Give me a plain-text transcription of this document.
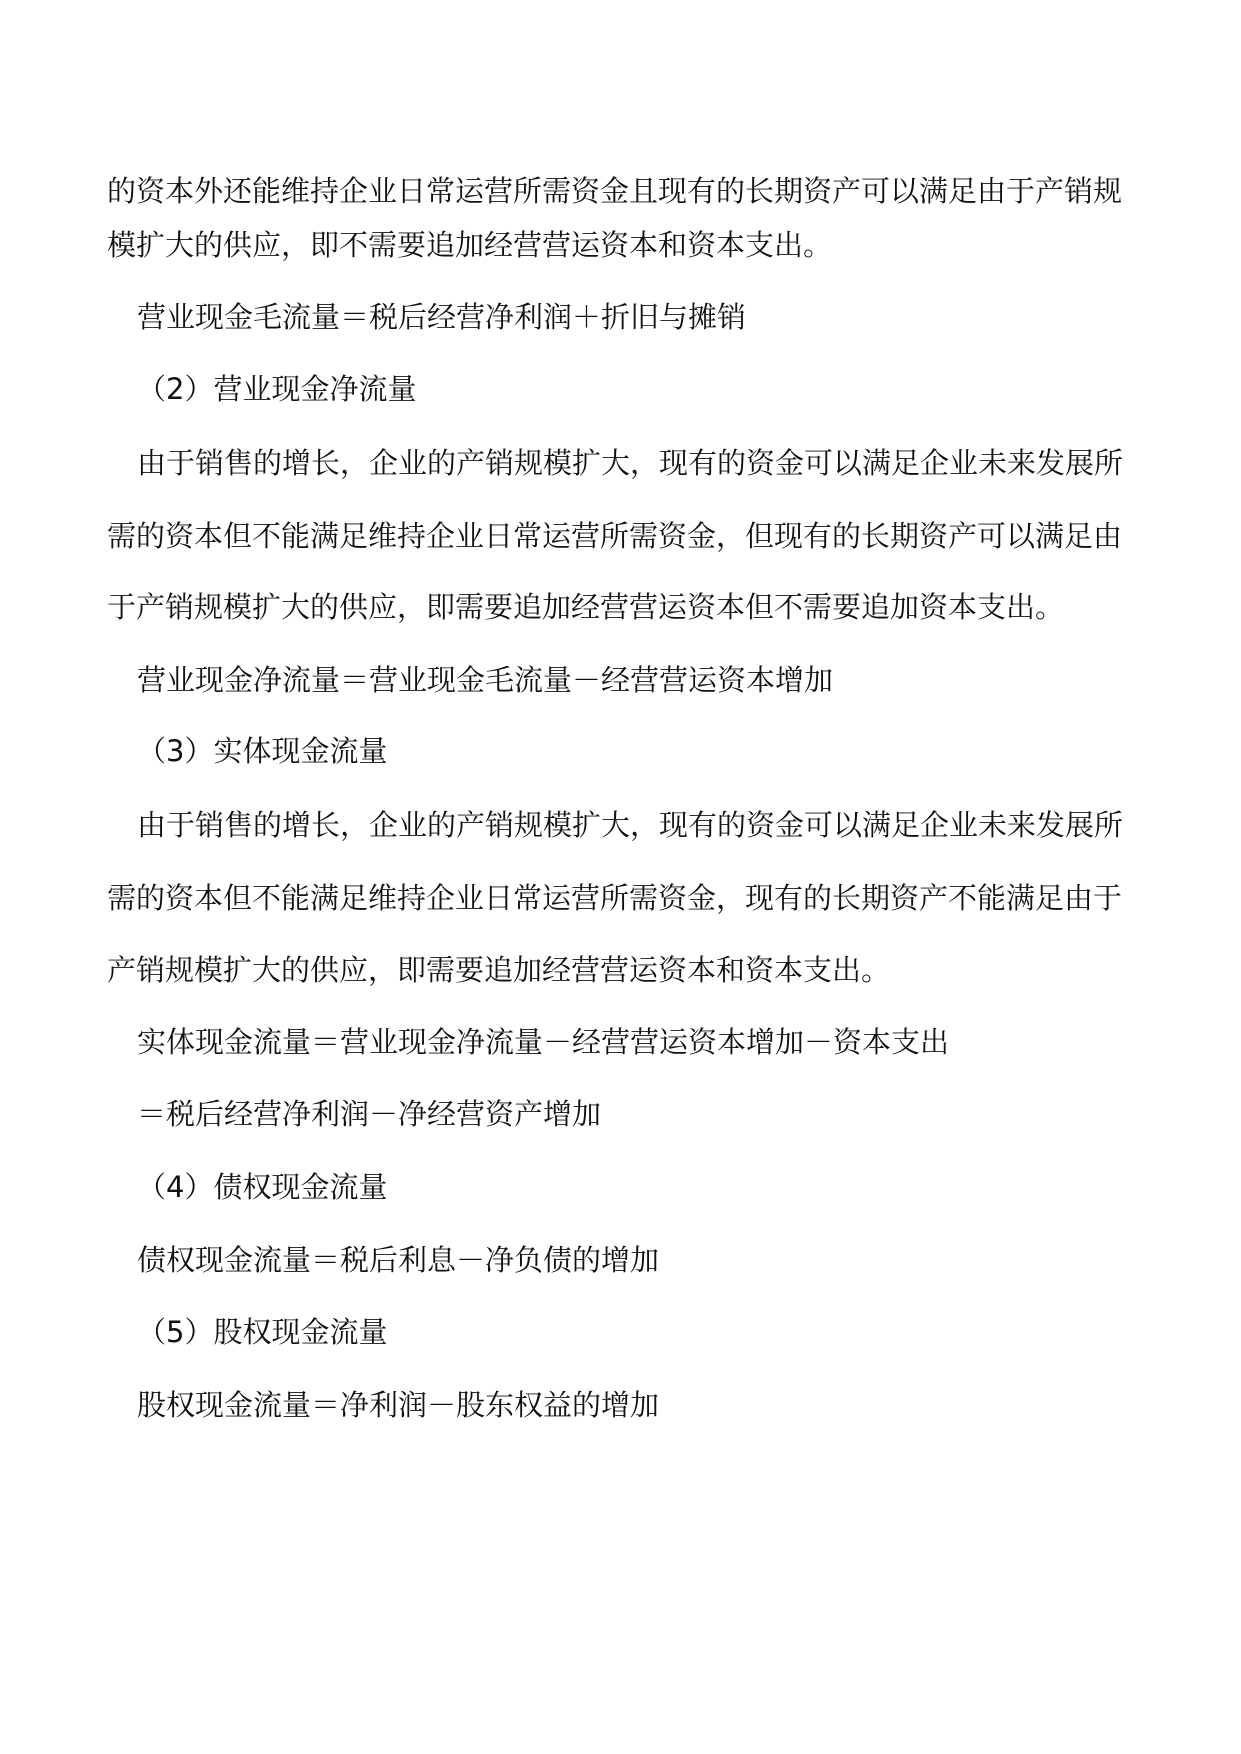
的资本外还能维持企业日常运营所需资金且现有的长期资产可以满足由于产销规
模扩大的供应，即不需要追加经营营运资本和资本支出。
营业现金毛流量＝税后经营净利润＋折旧与摊销
（2）营业现金净流量
由于销售的增长，企业的产销规模扩大，现有的资金可以满足企业未来发展所
需的资本但不能满足维持企业日常运营所需资金，但现有的长期资产可以满足由
于产销规模扩大的供应，即需要追加经营营运资本但不需要追加资本支出。
营业现金净流量＝营业现金毛流量－经营营运资本增加
（3）实体现金流量
由于销售的增长，企业的产销规模扩大，现有的资金可以满足企业未来发展所
需的资本但不能满足维持企业日常运营所需资金，现有的长期资产不能满足由于
产销规模扩大的供应，即需要追加经营营运资本和资本支出。
实体现金流量＝营业现金净流量－经营营运资本增加－资本支出
＝税后经营净利润－净经营资产增加
（4）债权现金流量
债权现金流量＝税后利息－净负债的增加
（5）股权现金流量
股权现金流量＝净利润－股东权益的增加
